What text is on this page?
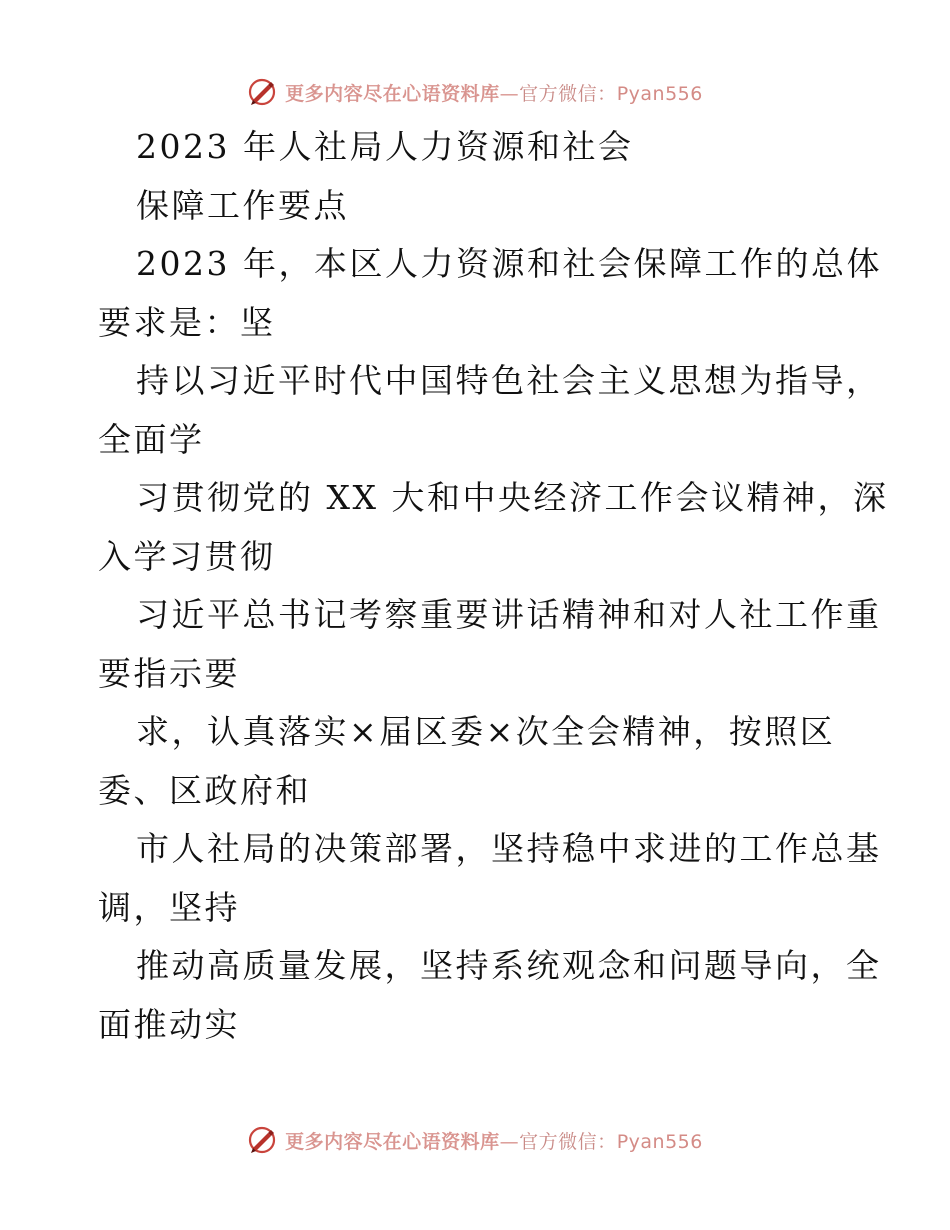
更多内容尽在心语资料库—官方微信：Pyan556
2023 年人社局人力资源和社会
保障工作要点
2023 年，本区人力资源和社会保障工作的总体
要求是：坚
持以习近平时代中国特色社会主义思想为指导，
全面学
习贯彻党的 XX 大和中央经济工作会议精神，深
入学习贯彻
习近平总书记考察重要讲话精神和对人社工作重
要指示要
求，认真落实×届区委×次全会精神，按照区
委、区政府和
市人社局的决策部署，坚持稳中求进的工作总基
调，坚持
推动高质量发展，坚持系统观念和问题导向，全
面推动实
更多内容尽在心语资料库—官方微信：Pyan556
